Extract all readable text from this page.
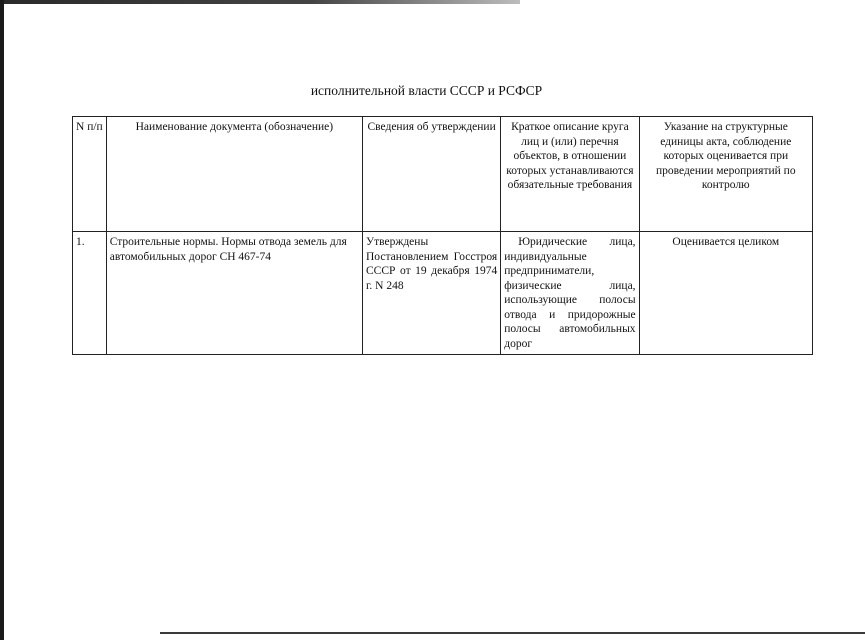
исполнительной власти СССР и РСФСР
N п/п	Наименование документа (обозначение)	Сведения об утверждении	Краткое описание круга лиц и (или) перечня объектов, в отношении которых устанавливаются обязательные требования	Указание на структурные единицы акта, соблюдение которых оценивается при проведении мероприятий по контролю
1.	Строительные нормы. Нормы отвода земель для автомобильных дорог СН 467-74	Утверждены Постановлением Госстроя СССР от 19 декабря 1974 г. N 248	Юридические лица, индивидуальные предприниматели, физические лица, использующие полосы отвода и придорожные полосы автомобильных дорог	Оценивается целиком
